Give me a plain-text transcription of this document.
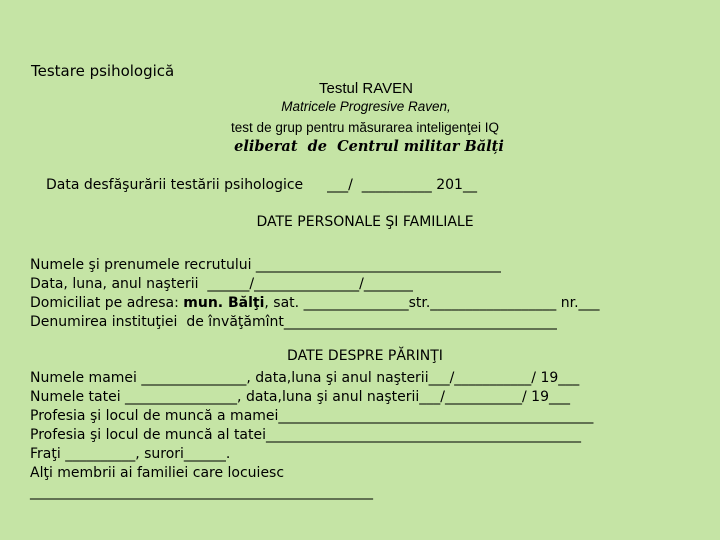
Testare psihologică
Testul RAVEN
Matricele Progresive Raven,
test de grup pentru măsurarea inteligenţei IQ
eliberat  de  Centrul militar Bălți
Data desfăşurării testării psihologice ___/  __________ 201__
DATE PERSONALE ŞI FAMILIALE
Numele şi prenumele recrutului ___________________________________
Data, luna, anul naşterii  ______/_______________/_______
Domiciliat pe adresa: mun. Bălţi, sat. _______________str.__________________ nr.___
Denumirea instituţiei  de învăţămînt_______________________________________
DATE DESPRE PĂRINŢI
Numele mamei _______________, data,luna şi anul naşterii___/___________/ 19___
Numele tatei ________________, data,luna şi anul naşterii___/___________/ 19___
Profesia şi locul de muncă a mamei_____________________________________________
Profesia şi locul de muncă al tatei_____________________________________________
Fraţi __________, surori______.
Alţi membrii ai familiei care locuiesc
_________________________________________________
